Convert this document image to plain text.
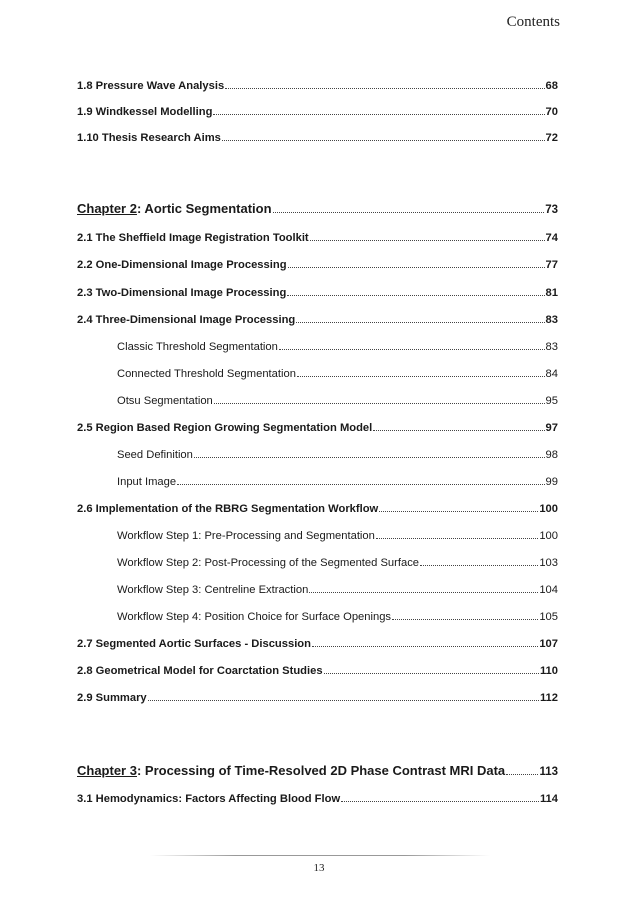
Contents
1.8 Pressure Wave Analysis	68
1.9 Windkessel Modelling	70
1.10 Thesis Research Aims	72
Chapter 2: Aortic Segmentation	73
2.1 The Sheffield Image Registration Toolkit	74
2.2 One-Dimensional Image Processing	77
2.3 Two-Dimensional Image Processing	81
2.4 Three-Dimensional Image Processing	83
Classic Threshold Segmentation	83
Connected Threshold Segmentation	84
Otsu Segmentation	95
2.5 Region Based Region Growing Segmentation Model	97
Seed Definition	98
Input Image	99
2.6 Implementation of the RBRG Segmentation Workflow	100
Workflow Step 1: Pre-Processing and Segmentation	100
Workflow Step 2: Post-Processing of the Segmented Surface	103
Workflow Step 3: Centreline Extraction	104
Workflow Step 4: Position Choice for Surface Openings	105
2.7 Segmented Aortic Surfaces - Discussion	107
2.8 Geometrical Model for Coarctation Studies	110
2.9 Summary	112
Chapter 3: Processing of Time-Resolved 2D Phase Contrast MRI Data	113
3.1 Hemodynamics: Factors Affecting Blood Flow	114
13
